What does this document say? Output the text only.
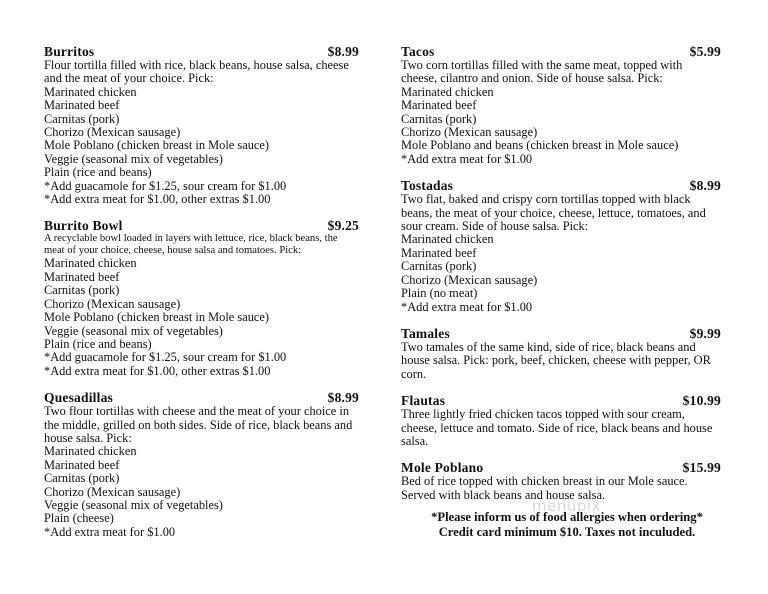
Burritos	$8.99
Flour tortilla filled with rice, black beans, house salsa, cheese and the meat of your choice. Pick:
Marinated chicken
Marinated beef
Carnitas (pork)
Chorizo (Mexican sausage)
Mole Poblano (chicken breast in Mole sauce)
Veggie (seasonal mix of vegetables)
Plain (rice and beans)
*Add guacamole for $1.25, sour cream for $1.00
*Add extra meat for $1.00, other extras $1.00
Burrito Bowl	$9.25
A recyclable bowl loaded in layers with lettuce, rice, black beans, the meat of your choice, cheese, house salsa and tomatoes. Pick:
Marinated chicken
Marinated beef
Carnitas (pork)
Chorizo (Mexican sausage)
Mole Poblano (chicken breast in Mole sauce)
Veggie (seasonal mix of vegetables)
Plain (rice and beans)
*Add guacamole for $1.25, sour cream for $1.00
*Add extra meat for $1.00, other extras $1.00
Quesadillas	$8.99
Two flour tortillas with cheese and the meat of your choice in the middle, grilled on both sides. Side of rice, black beans and house salsa. Pick:
Marinated chicken
Marinated beef
Carnitas (pork)
Chorizo (Mexican sausage)
Veggie (seasonal mix of vegetables)
Plain (cheese)
*Add extra meat for $1.00
Tacos	$5.99
Two corn tortillas filled with the same meat, topped with cheese, cilantro and onion. Side of house salsa. Pick:
Marinated chicken
Marinated beef
Carnitas (pork)
Chorizo (Mexican sausage)
Mole Poblano and beans (chicken breast in Mole sauce)
*Add extra meat for $1.00
Tostadas	$8.99
Two flat, baked and crispy corn tortillas topped with black beans, the meat of your choice, cheese, lettuce, tomatoes, and sour cream. Side of house salsa. Pick:
Marinated chicken
Marinated beef
Carnitas (pork)
Chorizo (Mexican sausage)
Plain (no meat)
*Add extra meat for $1.00
Tamales	$9.99
Two tamales of the same kind, side of rice, black beans and house salsa. Pick: pork, beef, chicken, cheese with pepper, OR corn.
Flautas	$10.99
Three lightly fried chicken tacos topped with sour cream, cheese, lettuce and tomato. Side of rice, black beans and house salsa.
Mole Poblano	$15.99
Bed of rice topped with chicken breast in our Mole sauce. Served with black beans and house salsa.
menupix
*Please inform us of food allergies when ordering*
Credit card minimum $10. Taxes not inculuded.
